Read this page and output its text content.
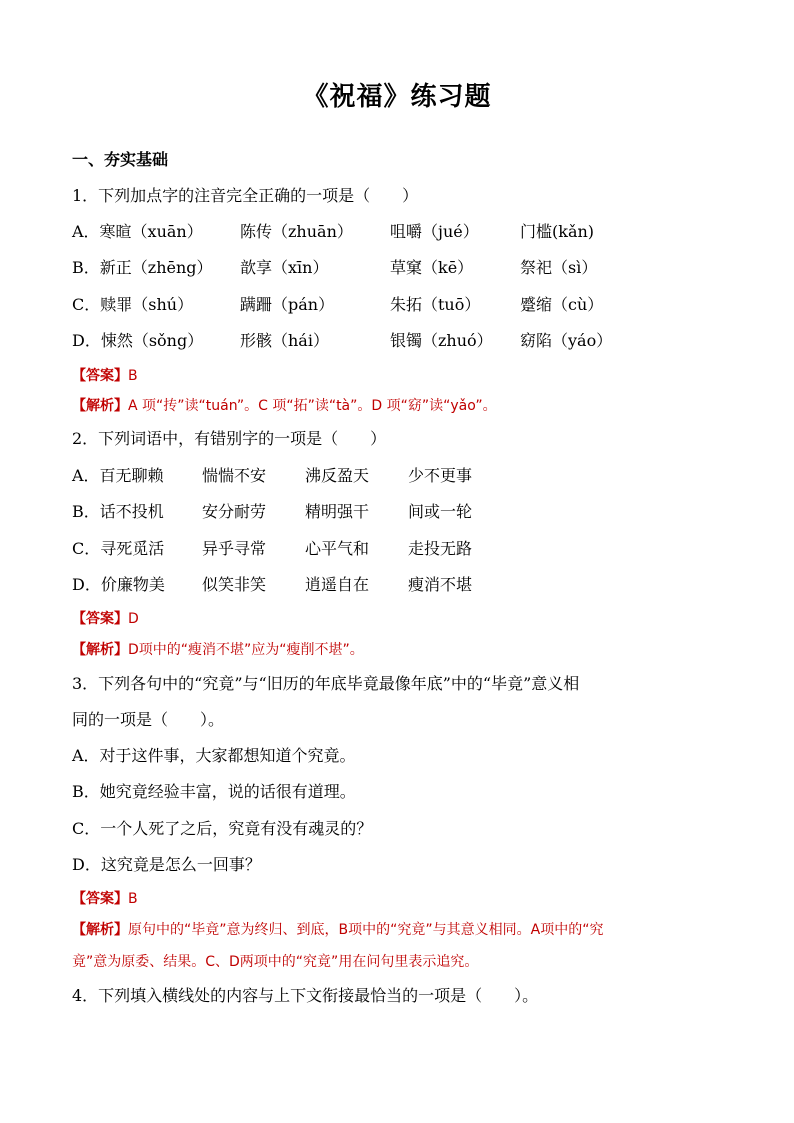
《祝福》练习题
一、夯实基础
1．下列加点字的注音完全正确的一项是（　　）
A．寒暄（xuān） 陈传（zhuān） 咀嚼（jué）	门槛(kǎn)
B．新正（zhēng） 歆享（xīn）	草窠（kē）	祭祀（sì）
C．赎罪（shú）	蹒跚（pán）	朱拓（tuō） 蹙缩（cù）
D．悚然（sǒng） 形骸（hái）	银镯（zhuó） 窈陷（yáo）
【答案】B
【解析】A 项“抟”读“tuán”。C 项“拓”读“tà”。D 项“窈”读“yǎo”。
2．下列词语中，有错别字的一项是（　　）
A．百无聊赖 惴惴不安 沸反盈天 少不更事
B．话不投机 安分耐劳 精明强干 间或一轮
C．寻死觅活 异乎寻常 心平气和 走投无路
D．价廉物美 似笑非笑 逍遥自在 瘦消不堪
【答案】D
【解析】D项中的“瘦消不堪”应为“瘦削不堪”。
3．下列各句中的“究竟”与“旧历的年底毕竟最像年底”中的“毕竟”意义相
同的一项是（　　）。
A．对于这件事，大家都想知道个究竟。
B．她究竟经验丰富，说的话很有道理。
C．一个人死了之后，究竟有没有魂灵的？
D．这究竟是怎么一回事？
【答案】B
【解析】原句中的“毕竟”意为终归、到底，B项中的“究竟”与其意义相同。A项中的“究
竟”意为原委、结果。C、D两项中的“究竟”用在问句里表示追究。
4．下列填入横线处的内容与上下文衔接最恰当的一项是（　　）。
